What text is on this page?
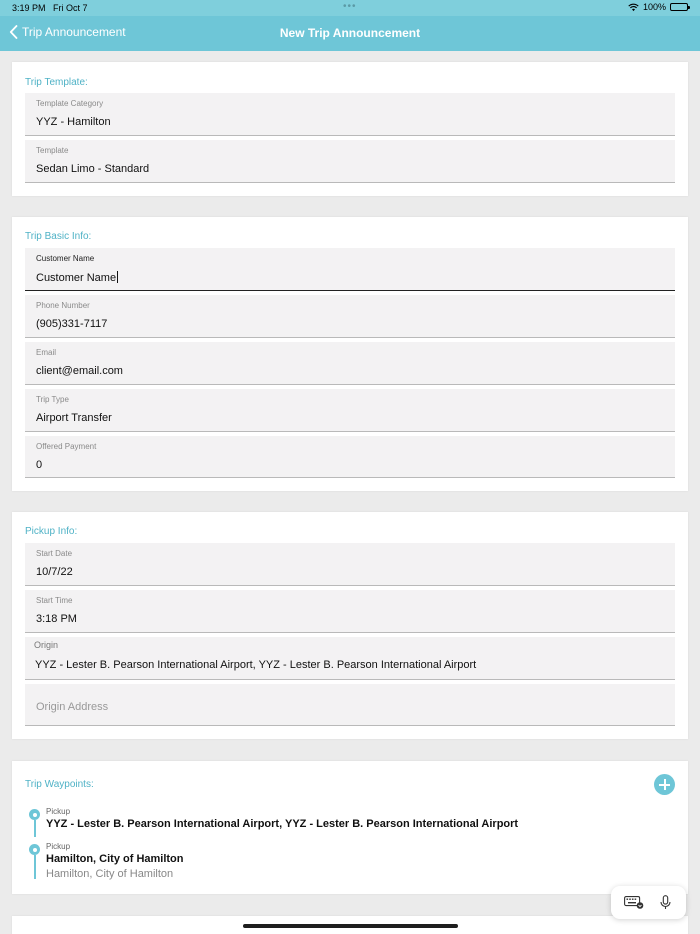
3:19 PM Fri Oct 7	•••	100%
Trip Announcement	New Trip Announcement
Trip Template:
Template Category
YYZ - Hamilton
Template
Sedan Limo - Standard
Trip Basic Info:
Customer Name
Customer Name
Phone Number
(905)331-7117
Email
client@email.com
Trip Type
Airport Transfer
Offered Payment
0
Pickup Info:
Start Date
10/7/22
Start Time
3:18 PM
Origin
YYZ - Lester B. Pearson International Airport, YYZ - Lester B. Pearson International Airport
Origin Address
Trip Waypoints:
Pickup
YYZ - Lester B. Pearson International Airport, YYZ - Lester B. Pearson International Airport
Pickup
Hamilton, City of Hamilton
Hamilton, City of Hamilton
